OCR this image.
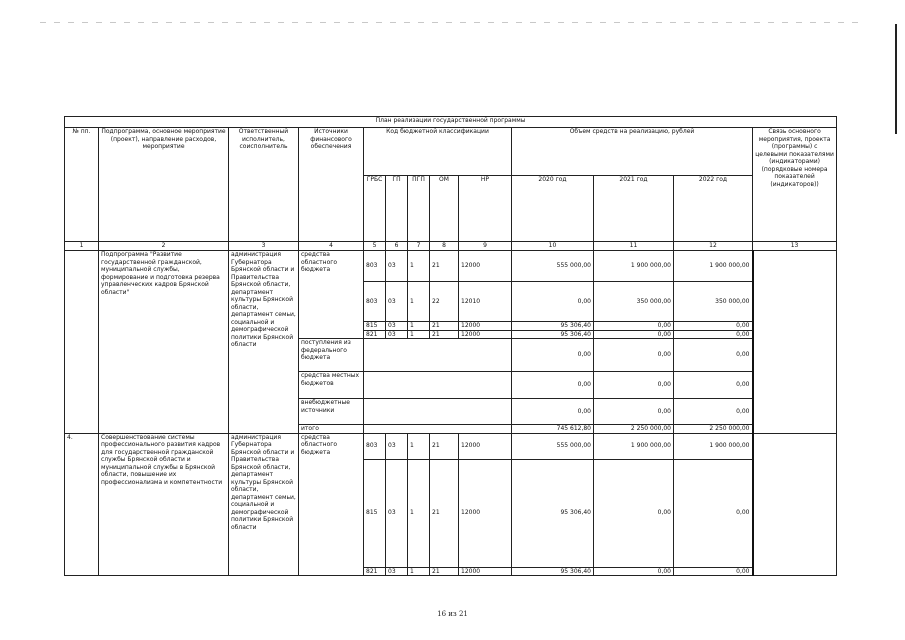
План реализации государственной программы												
№ пп.	Подпрограмма, основное мероприятие (проект), направление расходов, мероприятие	Ответственный исполнитель, соисполнитель	Источники финансового обеспечения	Код бюджетной классификации					Объем средств на реализацию, рублей			Связь основного мероприятия, проекта (программы) с целевыми показателями (индикаторами) (порядковые номера показателей (индикаторов))
				ГРБС	ГП	ПГП	ОМ	НР	2020 год	2021 год	2022 год	
1	2	3	4	5	6	7	8	9	10	11	12	13
	Подпрограмма "Развитие государственной гражданской, муниципальной службы, формирование и подготовка резерва управленческих кадров Брянской области"	администрация Губернатора Брянской области и Правительства Брянской области, департамент культуры Брянской области, департамент семьи, социальной и демографической политики Брянской области	средства областного бюджета	803	03	1	21	12000	555 000,00	1 900 000,00	1 900 000,00	
				803	03	1	22	12010	0,00	350 000,00	350 000,00	
				815	03	1	21	12000	95 306,40	0,00	0,00	
				821	03	1	21	12000	95 306,40	0,00	0,00	
			поступления из федерального бюджета						0,00	0,00	0,00	
			средства местных бюджетов						0,00	0,00	0,00	
			внебюджетные источники						0,00	0,00	0,00	
			итого						745 612,80	2 250 000,00	2 250 000,00	
4.	Совершенствование системы профессионального развития кадров для государственной гражданской службы Брянской области и муниципальной службы в Брянской области, повышение их профессионализма и компетентности	администрация Губернатора Брянской области и Правительства Брянской области, департамент культуры Брянской области, департамент семьи, социальной и демографической политики Брянской области	средства областного бюджета	803	03	1	21	12000	555 000,00	1 900 000,00	1 900 000,00	
				815	03	1	21	12000	95 306,40	0,00	0,00	
				821	03	1	21	12000	95 306,40	0,00	0,00	
16 из 21
